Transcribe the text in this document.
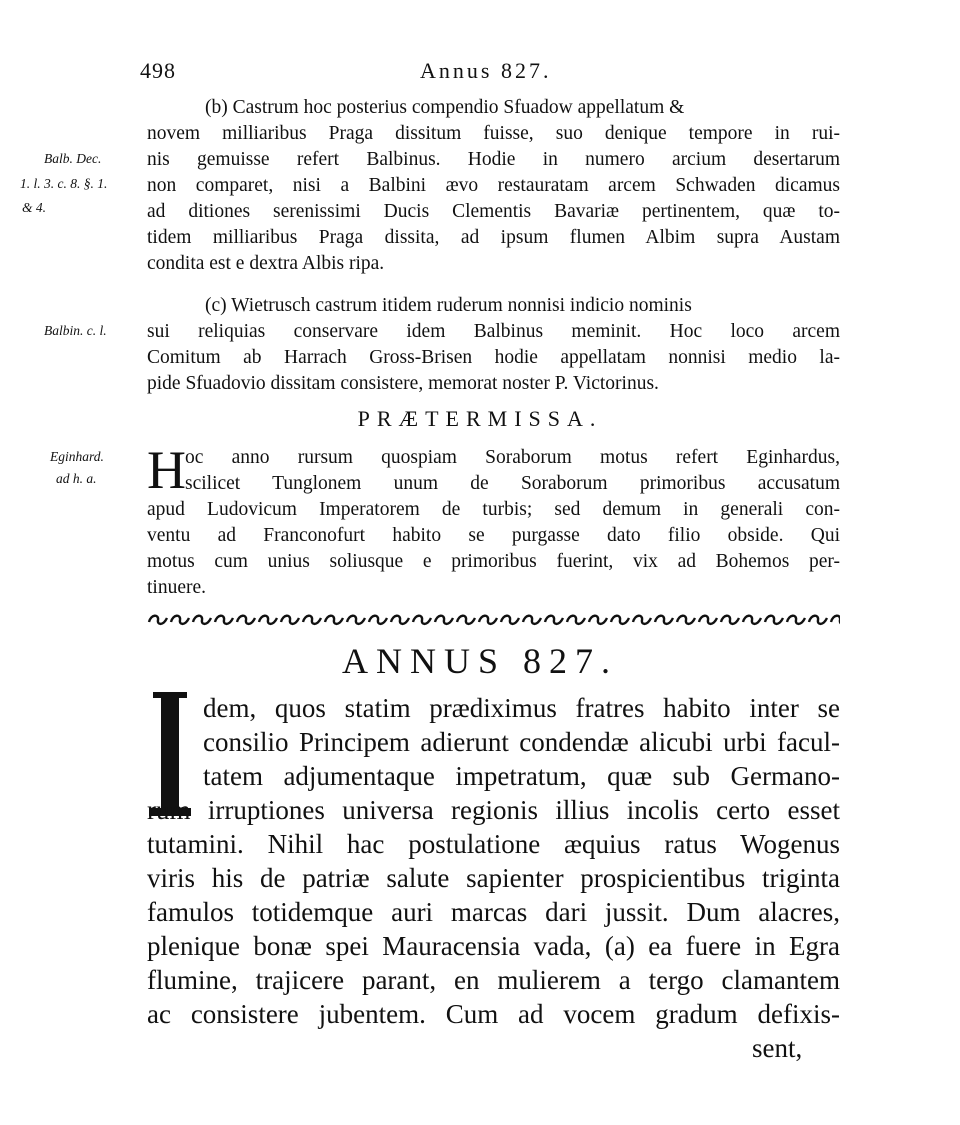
498	Annus 827.
Balb. Dec.
1. l. 3. c. 8. §. 1.
& 4.
(b) Castrum hoc posterius compendio Sfuadow appellatum &
novem milliaribus Praga dissitum fuisse, suo denique tempore in rui-
nis gemuisse refert Balbinus. Hodie in numero arcium desertarum
non comparet, nisi a Balbini ævo restauratam arcem Schwaden dicamus
ad ditiones serenissimi Ducis Clementis Bavariæ pertinentem, quæ to-
tidem milliaribus Praga dissita, ad ipsum flumen Albim supra Austam
condita est e dextra Albis ripa.
Balbin. c. l.
(c) Wietrusch castrum itidem ruderum nonnisi indicio nominis
sui reliquias conservare idem Balbinus meminit. Hoc loco arcem
Comitum ab Harrach Gross-Brisen hodie appellatam nonnisi medio la-
pide Sfuadovio dissitam consistere, memorat noster P. Victorinus.
PRÆTERMISSA.
Eginhard.
ad h. a. H oc anno rursum quospiam Soraborum motus refert Eginhardus,
scilicet Tunglonem unum de Soraborum primoribus accusatum
apud Ludovicum Imperatorem de turbis; sed demum in generali con-
ventu ad Franconofurt habito se purgasse dato filio obside. Qui
motus cum unius soliusque e primoribus fuerint, vix ad Bohemos per-
tinuere.
ANNUS 827.
dem, quos statim prædiximus fratres habito inter se
consilio Principem adierunt condendæ alicubi urbi facul-
tatem adjumentaque impetratum, quæ sub Germano-
rum irruptiones universa regionis illius incolis certo esset
tutamini. Nihil hac postulatione æquius ratus Wogenus
viris his de patriæ salute sapienter prospicientibus triginta
famulos totidemque auri marcas dari jussit. Dum alacres,
plenique bonæ spei Mauracensia vada, (a) ea fuere in Egra
flumine, trajicere parant, en mulierem a tergo clamantem
ac consistere jubentem. Cum ad vocem gradum defixis-
sent,
